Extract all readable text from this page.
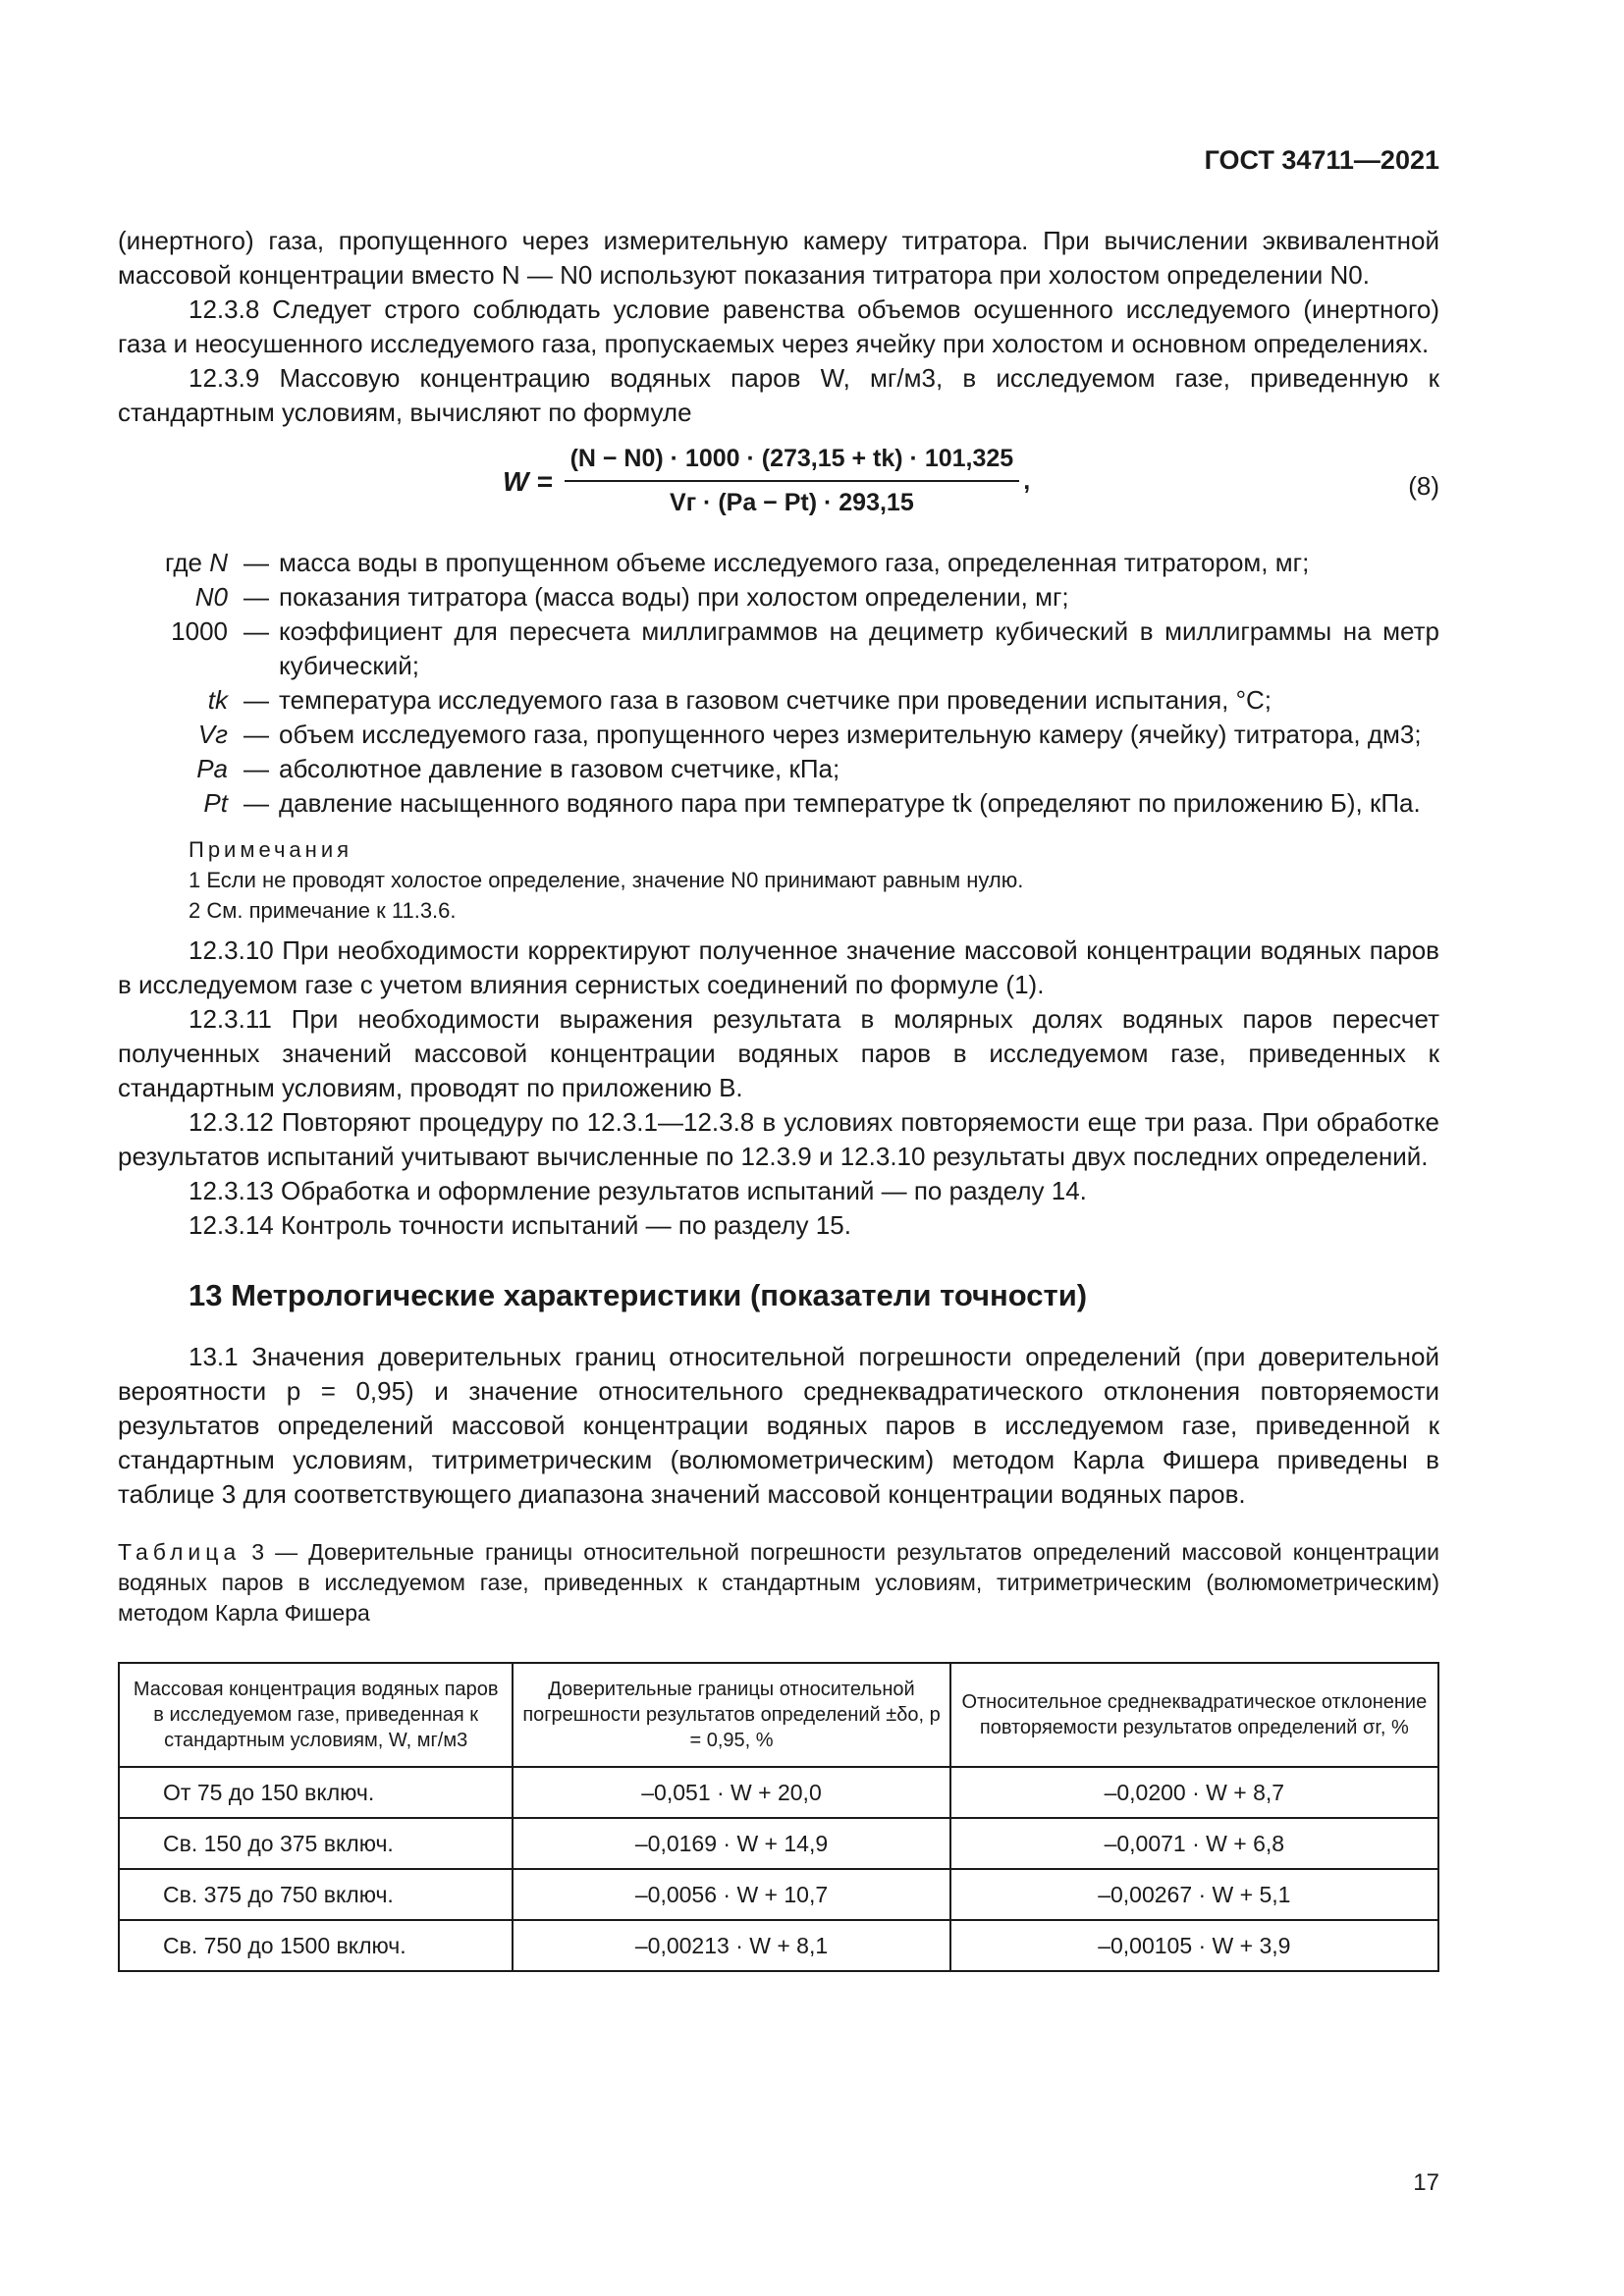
ГОСТ 34711—2021

(инертного) газа, пропущенного через измерительную камеру титратора. При вычислении эквивалентной массовой концентрации вместо N — N0 используют показания титратора при холостом определении N0.

12.3.8 Следует строго соблюдать условие равенства объемов осушенного исследуемого (инертного) газа и неосушенного исследуемого газа, пропускаемых через ячейку при холостом и основном определениях.

12.3.9 Массовую концентрацию водяных паров W, мг/м3, в исследуемом газе, приведенную к стандартным условиям, вычисляют по формуле

$W = \frac{(N - N0) \cdot 1000 \cdot (273,15 + tk) \cdot 101,325}{Vг \cdot (Pa - Pt) \cdot 293,15}$ ,	(8)
где N — масса воды в пропущенном объеме исследуемого газа, определенная титратором, мг;
N0 — показания титратора (масса воды) при холостом определении, мг;
1000 — коэффициент для пересчета миллиграммов на дециметр кубический в миллиграммы на метр кубический;
tk — температура исследуемого газа в газовом счетчике при проведении испытания, °С;
Vг — объем исследуемого газа, пропущенного через измерительную камеру (ячейку) титратора, дм3;
Pa — абсолютное давление в газовом счетчике, кПа;
Pt — давление насыщенного водяного пара при температуре tk (определяют по приложению Б), кПа.
Примечания
1 Если не проводят холостое определение, значение N0 принимают равным нулю.
2 См. примечание к 11.3.6.

12.3.10 При необходимости корректируют полученное значение массовой концентрации водяных паров в исследуемом газе с учетом влияния сернистых соединений по формуле (1).

12.3.11 При необходимости выражения результата в молярных долях водяных паров пересчет полученных значений массовой концентрации водяных паров в исследуемом газе, приведенных к стандартным условиям, проводят по приложению В.

12.3.12 Повторяют процедуру по 12.3.1—12.3.8 в условиях повторяемости еще три раза. При обработке результатов испытаний учитывают вычисленные по 12.3.9 и 12.3.10 результаты двух последних определений.

12.3.13 Обработка и оформление результатов испытаний — по разделу 14.

12.3.14 Контроль точности испытаний — по разделу 15.

13 Метрологические характеристики (показатели точности)

13.1 Значения доверительных границ относительной погрешности определений (при доверительной вероятности p = 0,95) и значение относительного среднеквадратического отклонения повторяемости результатов определений массовой концентрации водяных паров в исследуемом газе, приведенной к стандартным условиям, титриметрическим (волюмометрическим) методом Карла Фишера приведены в таблице 3 для соответствующего диапазона значений массовой концентрации водяных паров.

Таблица 3 — Доверительные границы относительной погрешности результатов определений массовой концентрации водяных паров в исследуемом газе, приведенных к стандартным условиям, титриметрическим (волюмометрическим) методом Карла Фишера
Массовая концентрация водяных паров в исследуемом газе, приведенная к стандартным условиям, W, мг/м3	Доверительные границы относительной погрешности результатов определений ±δо, p = 0,95, %	Относительное среднеквадратическое отклонение повторяемости результатов определений σr, %
От 75 до 150 включ.	–0,051 · W + 20,0	–0,0200 · W + 8,7
Св. 150 до 375 включ.	–0,0169 · W + 14,9	–0,0071 · W + 6,8
Св. 375 до 750 включ.	–0,0056 · W + 10,7	–0,00267 · W + 5,1
Св. 750 до 1500 включ.	–0,00213 · W + 8,1	–0,00105 · W + 3,9
17
